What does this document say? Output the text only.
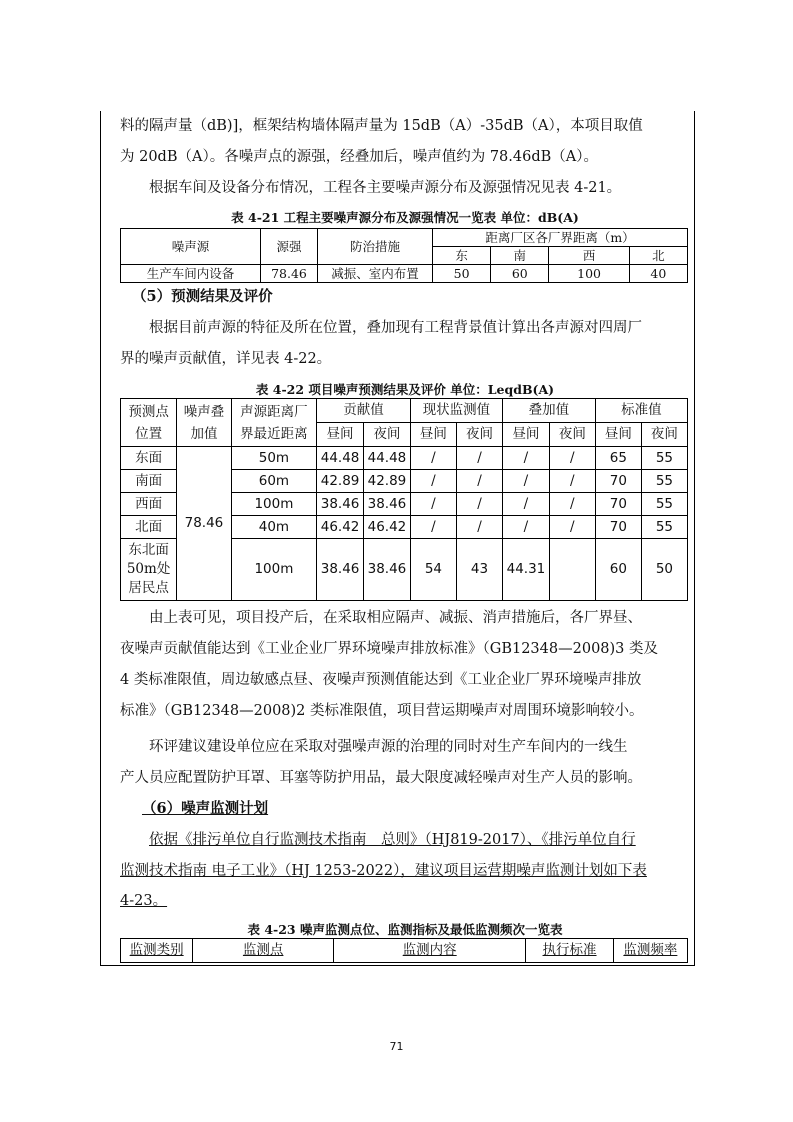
料的隔声量（dB)]，框架结构墙体隔声量为 15dB（A）-35dB（A），本项目取值

为 20dB（A）。各噪声点的源强，经叠加后，噪声值约为 78.46dB（A）。

根据车间及设备分布情况，工程各主要噪声源分布及源强情况见表 4-21。

表 4-21 工程主要噪声源分布及源强情况一览表 单位：dB(A)
噪声源	源强	防治措施	距离厂区各厂界距离（m）			
			东	南	西	北
生产车间内设备	78.46	减振、室内布置	50	60	100	40
（5）预测结果及评价

根据目前声源的特征及所在位置，叠加现有工程背景值计算出各声源对四周厂

界的噪声贡献值，详见表 4-22。

表 4-22 项目噪声预测结果及评价 单位：LeqdB(A)
预测点位置	噪声叠加值	声源距离厂界最近距离	贡献值		现状监测值		叠加值		标准值	
			昼间	夜间	昼间	夜间	昼间	夜间	昼间	夜间
东面	78.46	50m	44.48	44.48	/	/	/	/	65	55
南面		60m	42.89	42.89	/	/	/	/	70	55
西面		100m	38.46	38.46	/	/	/	/	70	55
北面		40m	46.42	46.42	/	/	/	/	70	55
东北面50m处居民点		100m	38.46	38.46	54	43	44.31		60	50

由上表可见，项目投产后，在采取相应隔声、减振、消声措施后，各厂界昼、

夜噪声贡献值能达到《工业企业厂界环境噪声排放标准》（GB12348—2008)3 类及

4 类标准限值，周边敏感点昼、夜噪声预测值能达到《工业企业厂界环境噪声排放

标准》（GB12348—2008)2 类标准限值，项目营运期噪声对周围环境影响较小。

环评建议建设单位应在采取对强噪声源的治理的同时对生产车间内的一线生

产人员应配置防护耳罩、耳塞等防护用品，最大限度减轻噪声对生产人员的影响。

（6）噪声监测计划

依据《排污单位自行监测技术指南　总则》（HJ819-2017）、《排污单位自行

监测技术指南 电子工业》（HJ 1253-2022），建议项目运营期噪声监测计划如下表

4-23。

表 4-23 噪声监测点位、监测指标及最低监测频次一览表
监测类别	监测点	监测内容	执行标准	监测频率
71
